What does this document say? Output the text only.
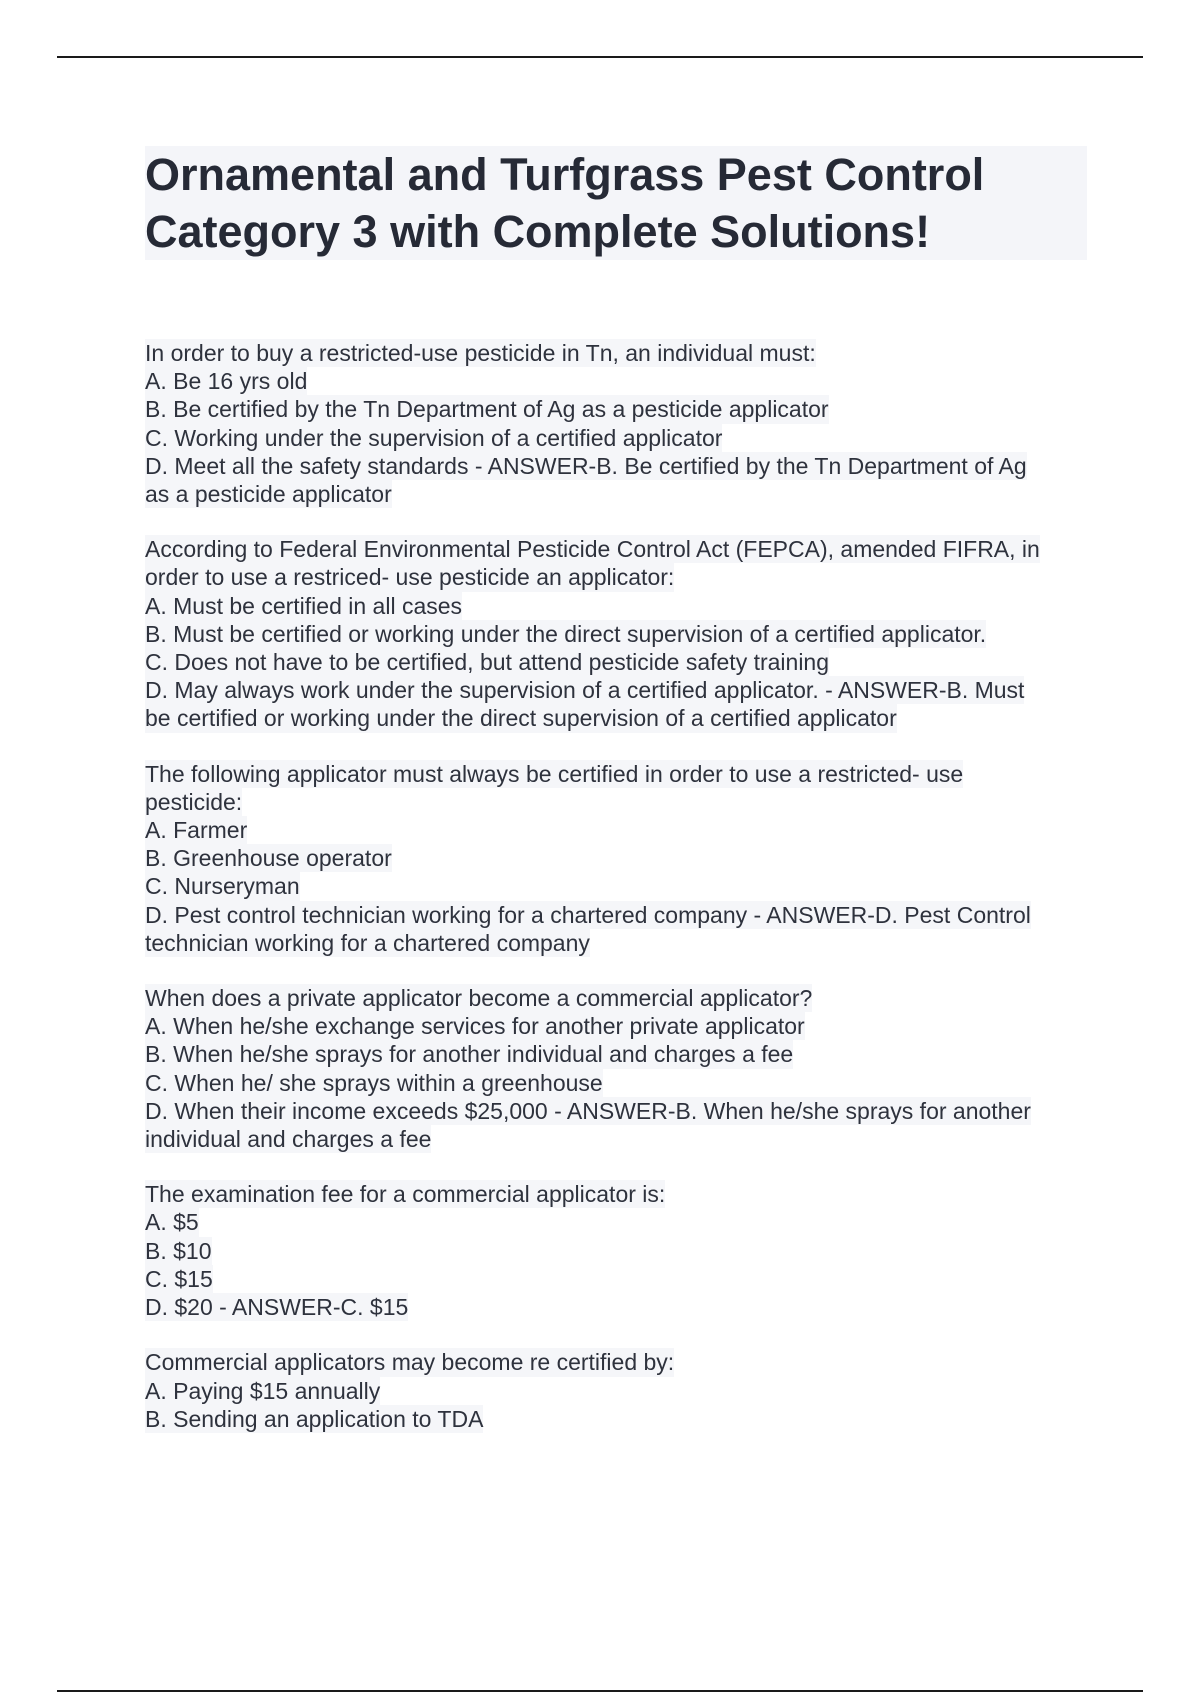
Ornamental and Turfgrass Pest Control
Category 3 with Complete Solutions!
In order to buy a restricted-use pesticide in Tn, an individual must:
A. Be 16 yrs old
B. Be certified by the Tn Department of Ag as a pesticide applicator
C. Working under the supervision of a certified applicator
D. Meet all the safety standards - ANSWER-B. Be certified by the Tn Department of Ag
as a pesticide applicator
According to Federal Environmental Pesticide Control Act (FEPCA), amended FIFRA, in
order to use a restriced- use pesticide an applicator:
A. Must be certified in all cases
B. Must be certified or working under the direct supervision of a certified applicator.
C. Does not have to be certified, but attend pesticide safety training
D. May always work under the supervision of a certified applicator. - ANSWER-B. Must
be certified or working under the direct supervision of a certified applicator
The following applicator must always be certified in order to use a restricted- use
pesticide:
A. Farmer
B. Greenhouse operator
C. Nurseryman
D. Pest control technician working for a chartered company - ANSWER-D. Pest Control
technician working for a chartered company
When does a private applicator become a commercial applicator?
A. When he/she exchange services for another private applicator
B. When he/she sprays for another individual and charges a fee
C. When he/ she sprays within a greenhouse
D. When their income exceeds $25,000 - ANSWER-B. When he/she sprays for another
individual and charges a fee
The examination fee for a commercial applicator is:
A. $5
B. $10
C. $15
D. $20 - ANSWER-C. $15
Commercial applicators may become re certified by:
A. Paying $15 annually
B. Sending an application to TDA
